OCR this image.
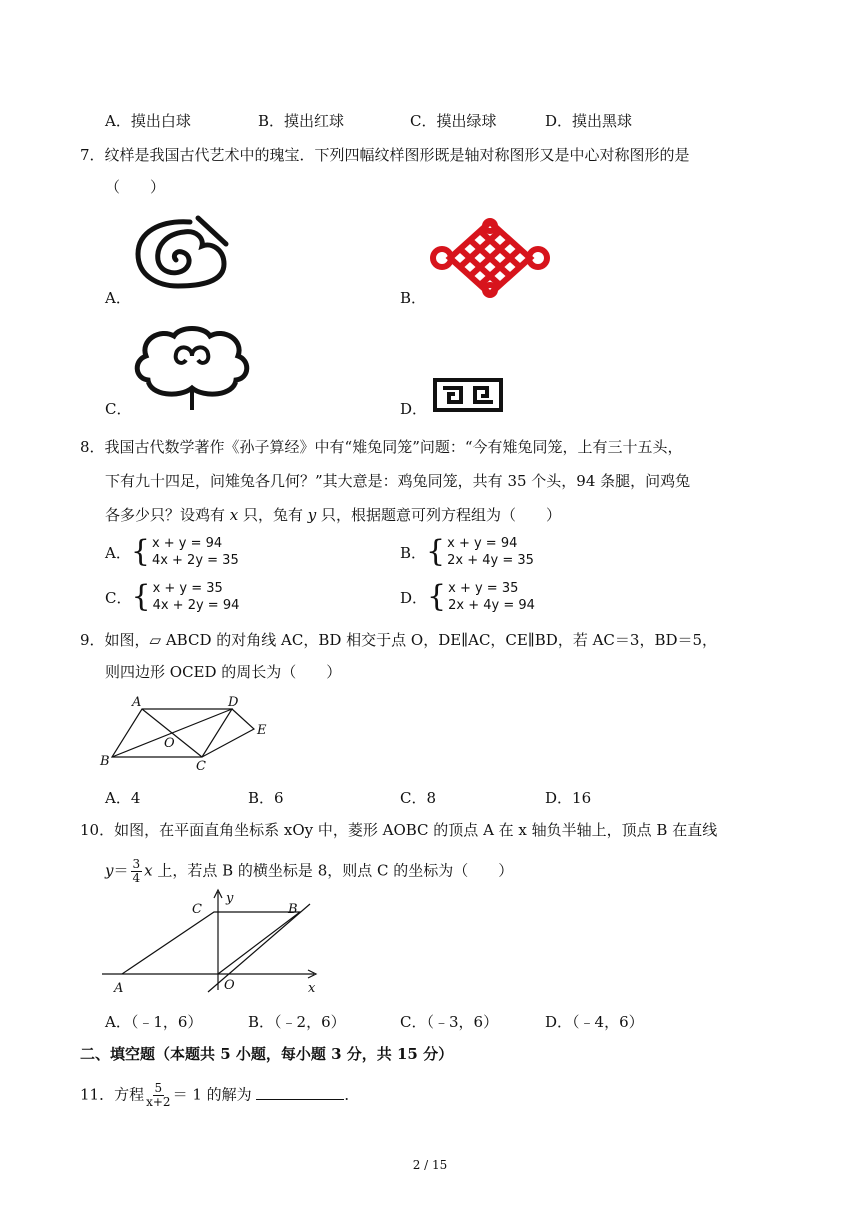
A．摸出白球	B．摸出红球	C．摸出绿球	D．摸出黑球
7．纹样是我国古代艺术中的瑰宝．下列四幅纹样图形既是轴对称图形又是中心对称图形的是
（　　）
A．	B．
C．	D．
8．我国古代数学著作《孙子算经》中有“雉兔同笼”问题：“今有雉兔同笼，上有三十五头，
下有九十四足，问雉兔各几何？”其大意是：鸡兔同笼，共有 35 个头，94 条腿，问鸡兔
各多少只？设鸡有 x 只，兔有 y 只，根据题意可列方程组为（　　）
A． { x + y = 94
4x + 2y = 35	B． { x + y = 94
2x + 4y = 35
C． { x + y = 35
4x + 2y = 94	D． { x + y = 35
2x + 4y = 94
9．如图，▱ ABCD 的对角线 AC，BD 相交于点 O，DE∥AC，CE∥BD，若 AC＝3，BD＝5，
则四边形 OCED 的周长为（　　）
A	D
E
O
B	C
A．4	B．6	C．8	D．16
10．如图，在平面直角坐标系 xOy 中，菱形 AOBC 的顶点 A 在 x 轴负半轴上，顶点 B 在直线
$y= \frac{3}{4}$ x 上，若点 B 的横坐标是 8，则点 C 的坐标为（　　）
C
y
B
A	O	x
A．（﹣1，6）	B．（﹣2，6）	C．（﹣3，6）	D．（﹣4，6）
二、填空题（本题共 5 小题，每小题 3 分，共 15 分）
11．方程 $\frac{5}{x+2} = 1$ 的解为	．
2 / 15
